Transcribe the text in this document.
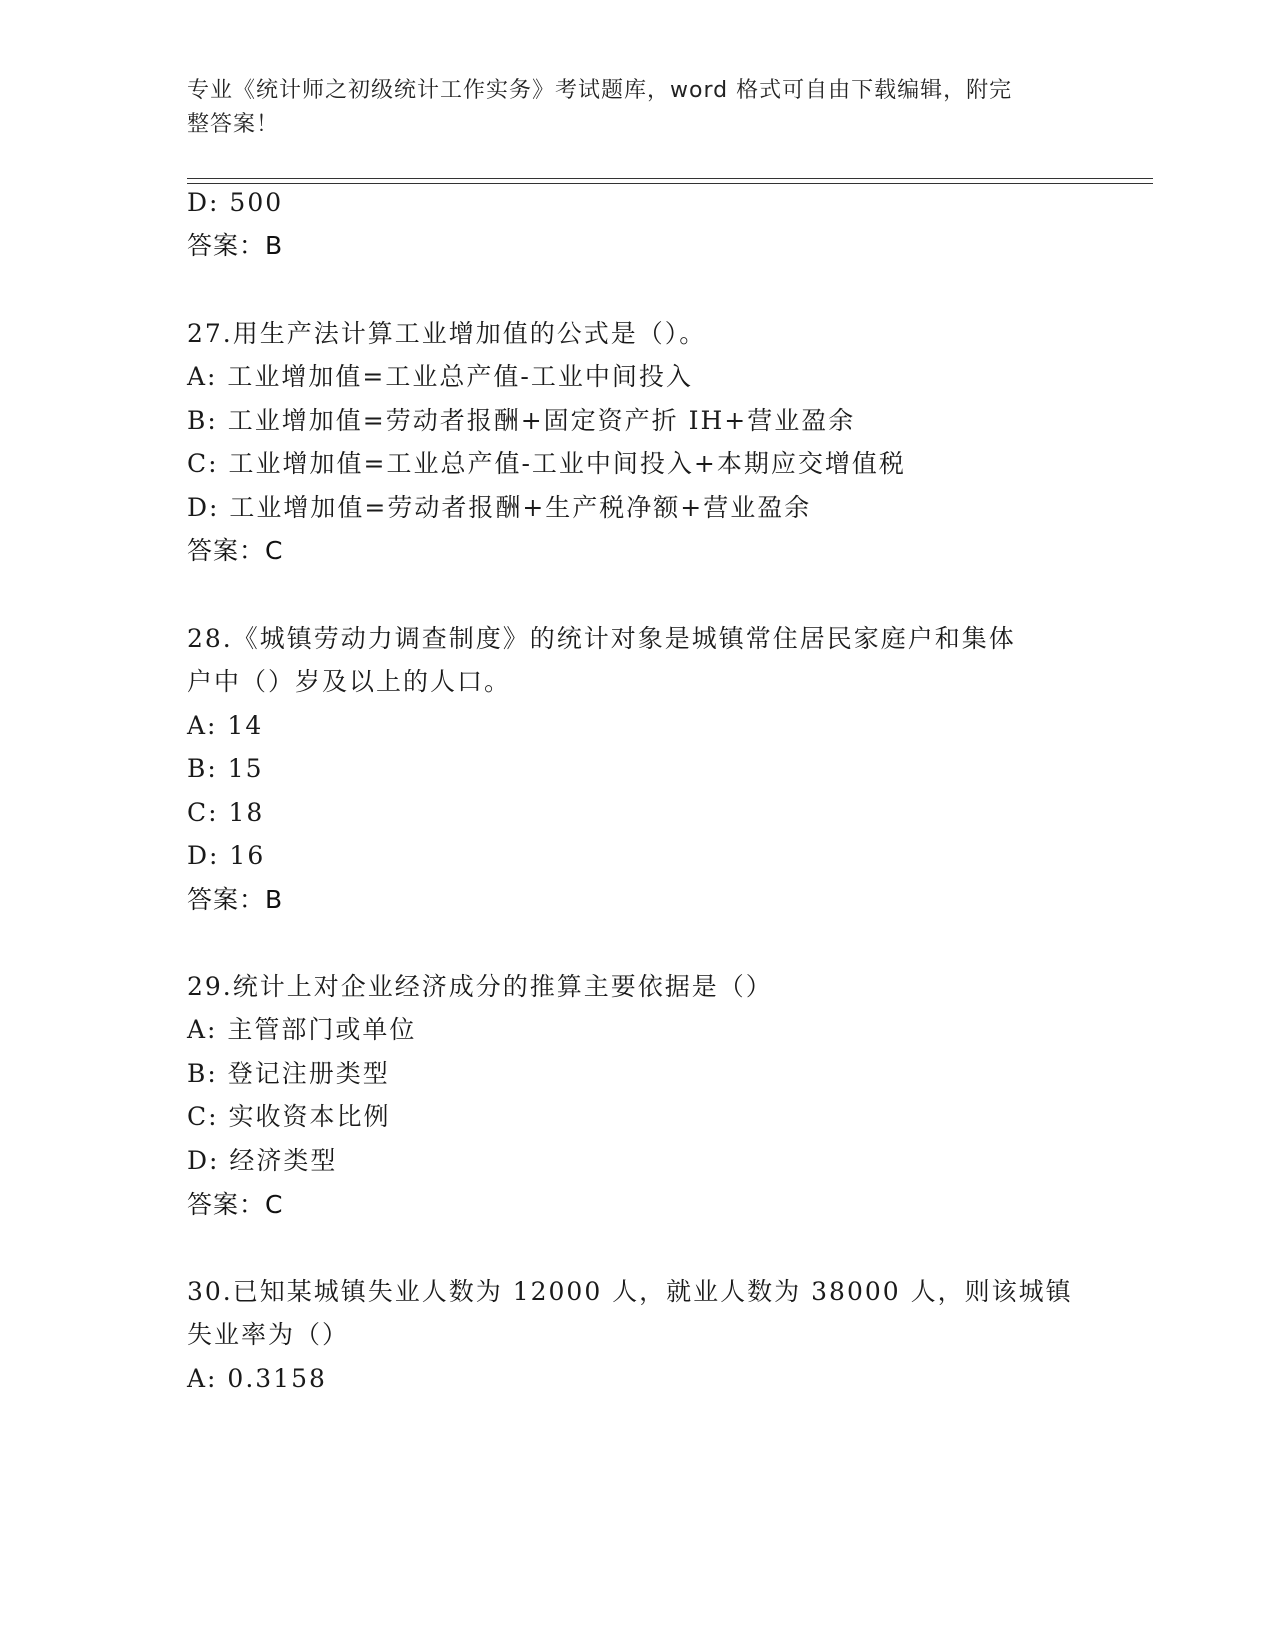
专业《统计师之初级统计工作实务》考试题库，word 格式可自由下载编辑，附完
整答案！
D: 500
答案：B
27.用生产法计算工业增加值的公式是（）。
A: 工业增加值=工业总产值-工业中间投入
B: 工业增加值=劳动者报酬+固定资产折 IH+营业盈余
C: 工业增加值=工业总产值-工业中间投入+本期应交增值税
D: 工业增加值=劳动者报酬+生产税净额+营业盈余
答案：C
28.《城镇劳动力调查制度》的统计对象是城镇常住居民家庭户和集体
户中（）岁及以上的人口。
A: 14
B: 15
C: 18
D: 16
答案：B
29.统计上对企业经济成分的推算主要依据是（）
A: 主管部门或单位
B: 登记注册类型
C: 实收资本比例
D: 经济类型
答案：C
30.已知某城镇失业人数为 12000 人，就业人数为 38000 人，则该城镇
失业率为（）
A: 0.3158
